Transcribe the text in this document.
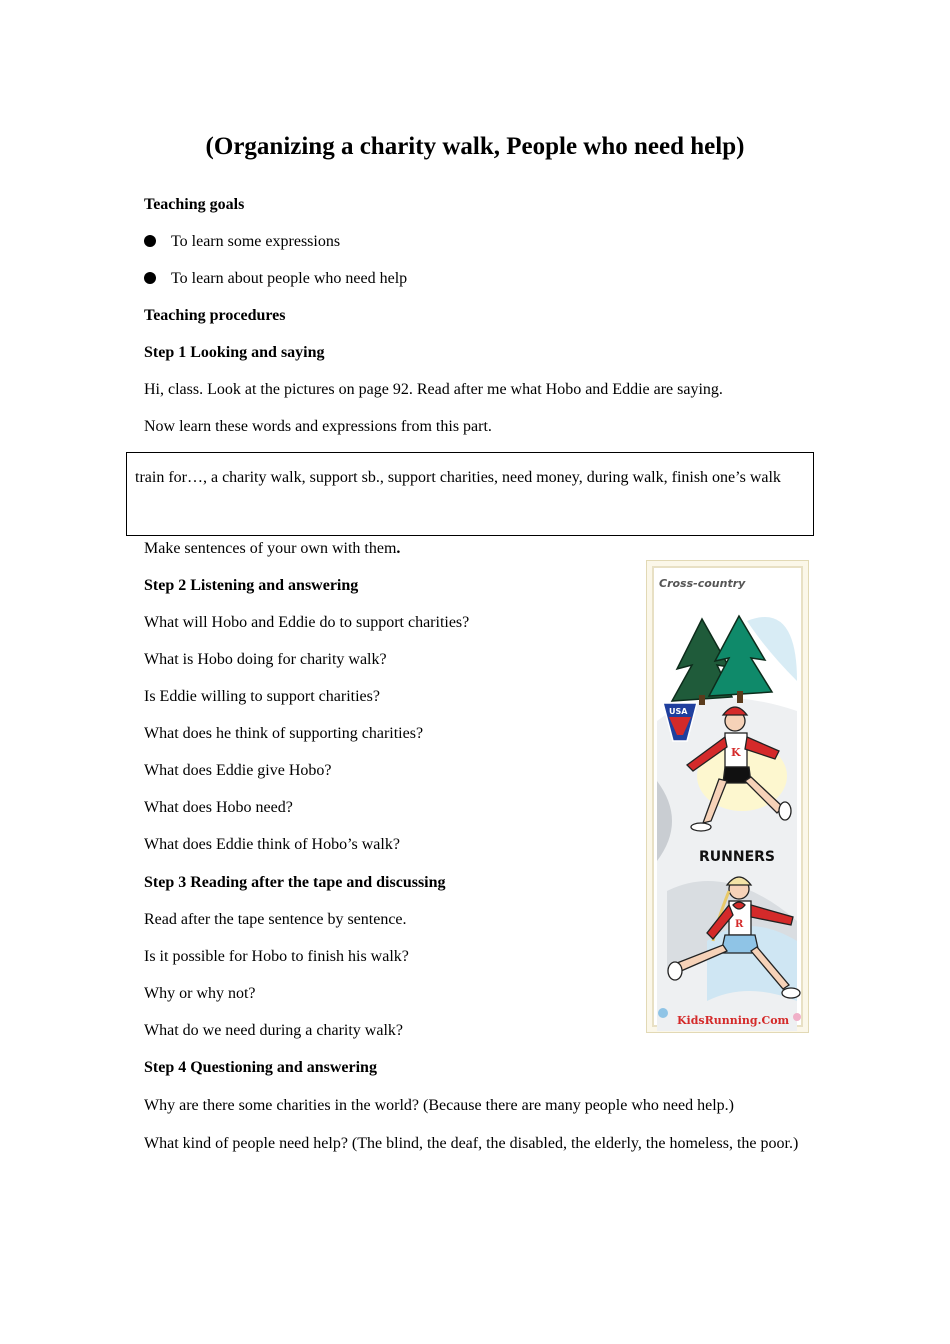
(Organizing a charity walk, People who need help)
Teaching goals
To learn some expressions
To learn about people who need help
Teaching procedures
Step 1 Looking and saying
Hi, class. Look at the pictures on page 92. Read after me what Hobo and Eddie are saying.
Now learn these words and expressions from this part.
train for…, a charity walk, support sb., support charities, need money, during walk, finish one’s walk
Make sentences of your own with them.
Step 2 Listening and answering
What will Hobo and Eddie do to support charities?
What is Hobo doing for charity walk?
Is Eddie willing to support charities?
What does he think of supporting charities?
What does Eddie give Hobo?
What does Hobo need?
What does Eddie think of Hobo’s walk?
Step 3 Reading after the tape and discussing
Read after the tape sentence by sentence.
Is it possible for Hobo to finish his walk?
Why or why not?
What do we need during a charity walk?
Step 4 Questioning and answering
Why are there some charities in the world? (Because there are many people who need help.)
What kind of people need help? (The blind, the deaf, the disabled, the elderly, the homeless, the poor.)
Cross-country
USA
K
RUNNERS
R
KidsRunning.Com
